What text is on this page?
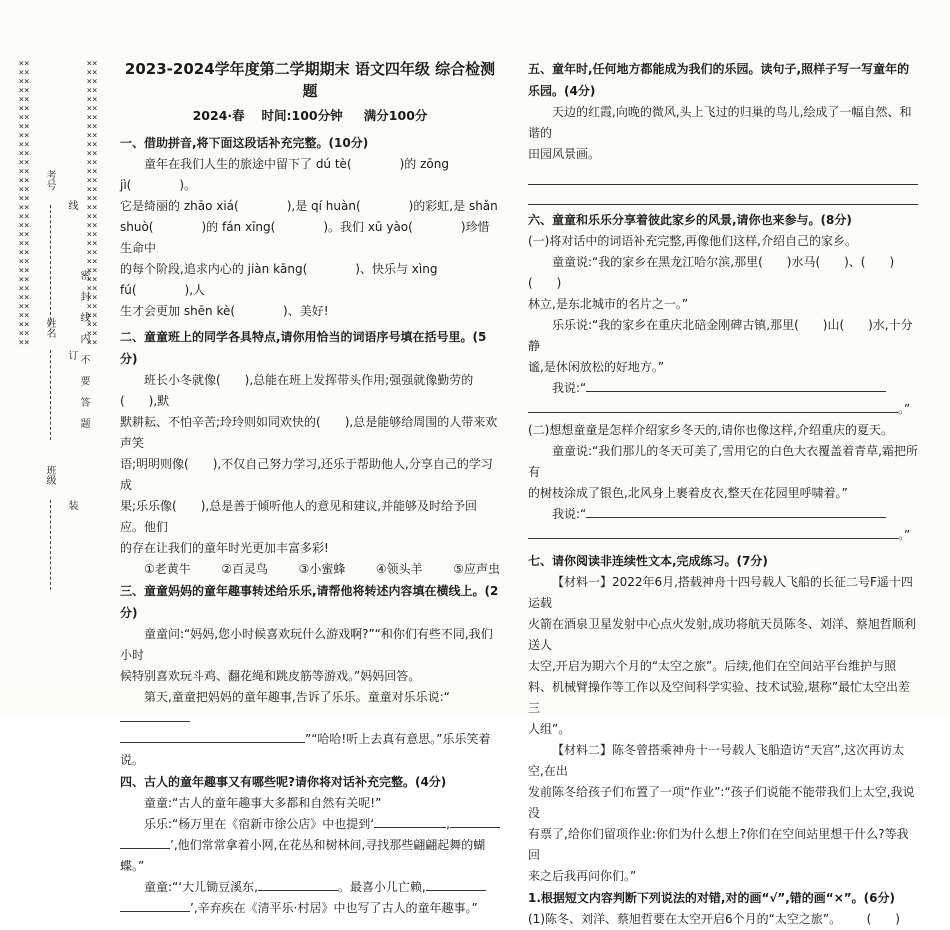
××××××××××××××××××××××××××××××××××××××××××××××××××××××××××××××××
××××××××××××××××××××××××××××××××××××××××××××××××××××××××××××××××
考号
线
姓名
订 密 封 线 内 不 要 答 题
班级
装
2023-2024学年度第二学期期末 语文四年级 综合检测题
2024·春　 时间:100分钟 　 满分100分
一、借助拼音,将下面这段话补充完整。(10分)
童年在我们人生的旅途中留下了 dú tè(　　　　)的 zōng jì(　　　　)。
它是绮丽的 zhāo xiá(　　　　),是 qí huàn(　　　　)的彩虹,是 shǎn
shuò(　　　　)的 fán xīng(　　　　)。我们 xū yào(　　　　)珍惜生命中
的每个阶段,追求内心的 jiàn kāng(　　　　)、快乐与 xìng fú(　　　　),人
生才会更加 shēn kè(　　　　)、美好!
二、童童班上的同学各具特点,请你用恰当的词语序号填在括号里。(5分)
班长小冬就像(　　),总能在班上发挥带头作用;强强就像勤劳的(　　),默
默耕耘、不怕辛苦;玲玲则如同欢快的(　　),总是能够给周围的人带来欢声笑
语;明明则像(　　),不仅自己努力学习,还乐于帮助他人,分享自己的学习成
果;乐乐像(　　),总是善于倾听他人的意见和建议,并能够及时给予回应。他们
的存在让我们的童年时光更加丰富多彩!
①老黄牛	②百灵鸟	③小蜜蜂	④领头羊	⑤应声虫
三、童童妈妈的童年趣事转述给乐乐,请帮他将转述内容填在横线上。(2分)
童童问:“妈妈,您小时候喜欢玩什么游戏啊?”“和你们有些不同,我们小时
候特别喜欢玩斗鸡、翻花绳和跳皮筋等游戏。”妈妈回答。
第天,童童把妈妈的童年趣事,告诉了乐乐。童童对乐乐说:“
”“哈哈!听上去真有意思。”乐乐笑着说。
四、古人的童年趣事又有哪些呢?请你将对话补充完整。(4分)
童童:“古人的童年趣事大多都和自然有关呢!”
乐乐:“杨万里在《宿新市徐公店》中也提到‘	,
’,他们常常拿着小网,在花丛和树林间,寻找那些翩翩起舞的蝴蝶。”
童童:“‘大儿锄豆溪东,	。最喜小儿亡赖,
’,辛弃疾在《清平乐·村居》中也写了古人的童年趣事。”
五、童年时,任何地方都能成为我们的乐园。读句子,照样子写一写童年的乐园。(4分)
天边的红霞,向晚的微风,头上飞过的归巢的鸟儿,绘成了一幅自然、和谐的
田园风景画。
六、童童和乐乐分享着彼此家乡的风景,请你也来参与。(8分)
(一)将对话中的词语补充完整,再像他们这样,介绍自己的家乡。
童童说:“我的家乡在黑龙江哈尔滨,那里(　　)水马(　　)、(　　)(　　)
林立,是东北城市的名片之一。”
乐乐说:“我的家乡在重庆北碚金刚碑古镇,那里(　　)山(　　)水,十分静
谧,是休闲放松的好地方。”
我说:“
。”
(二)想想童童是怎样介绍家乡冬天的,请你也像这样,介绍重庆的夏天。
童童说:“我们那儿的冬天可美了,雪用它的白色大衣覆盖着青草,霜把所有
的树枝涂成了银色,北风身上裹着皮衣,整天在花园里呼啸着。”
我说:“
。”
七、请你阅读非连续性文本,完成练习。(7分)
【材料一】2022年6月,搭载神舟十四号载人飞船的长征二号F遥十四运载
火箭在酒泉卫星发射中心点火发射,成功将航天员陈冬、刘洋、蔡旭哲顺利送人
太空,开启为期六个月的“太空之旅”。后续,他们在空间站平台维护与照
料、机械臂操作等工作以及空间科学实验、技术试验,堪称”最忙太空出差三
人组”。
【材料二】陈冬曾搭乘神舟十一号载人飞船造访“天宫”,这次再访太空,在出
发前陈冬给孩子们布置了一项“作业”:“孩子们说能不能带我们上太空,我说没
有票了,给你们留项作业:你们为什么想上?你们在空间站里想干什么?等我回
来之后我再问你们。”
1.根据短文内容判断下列说法的对错,对的画“√”,错的画“×”。(6分)
(1)陈冬、刘洋、蔡旭哲要在太空开启6个月的“太空之旅”。 (　　)
